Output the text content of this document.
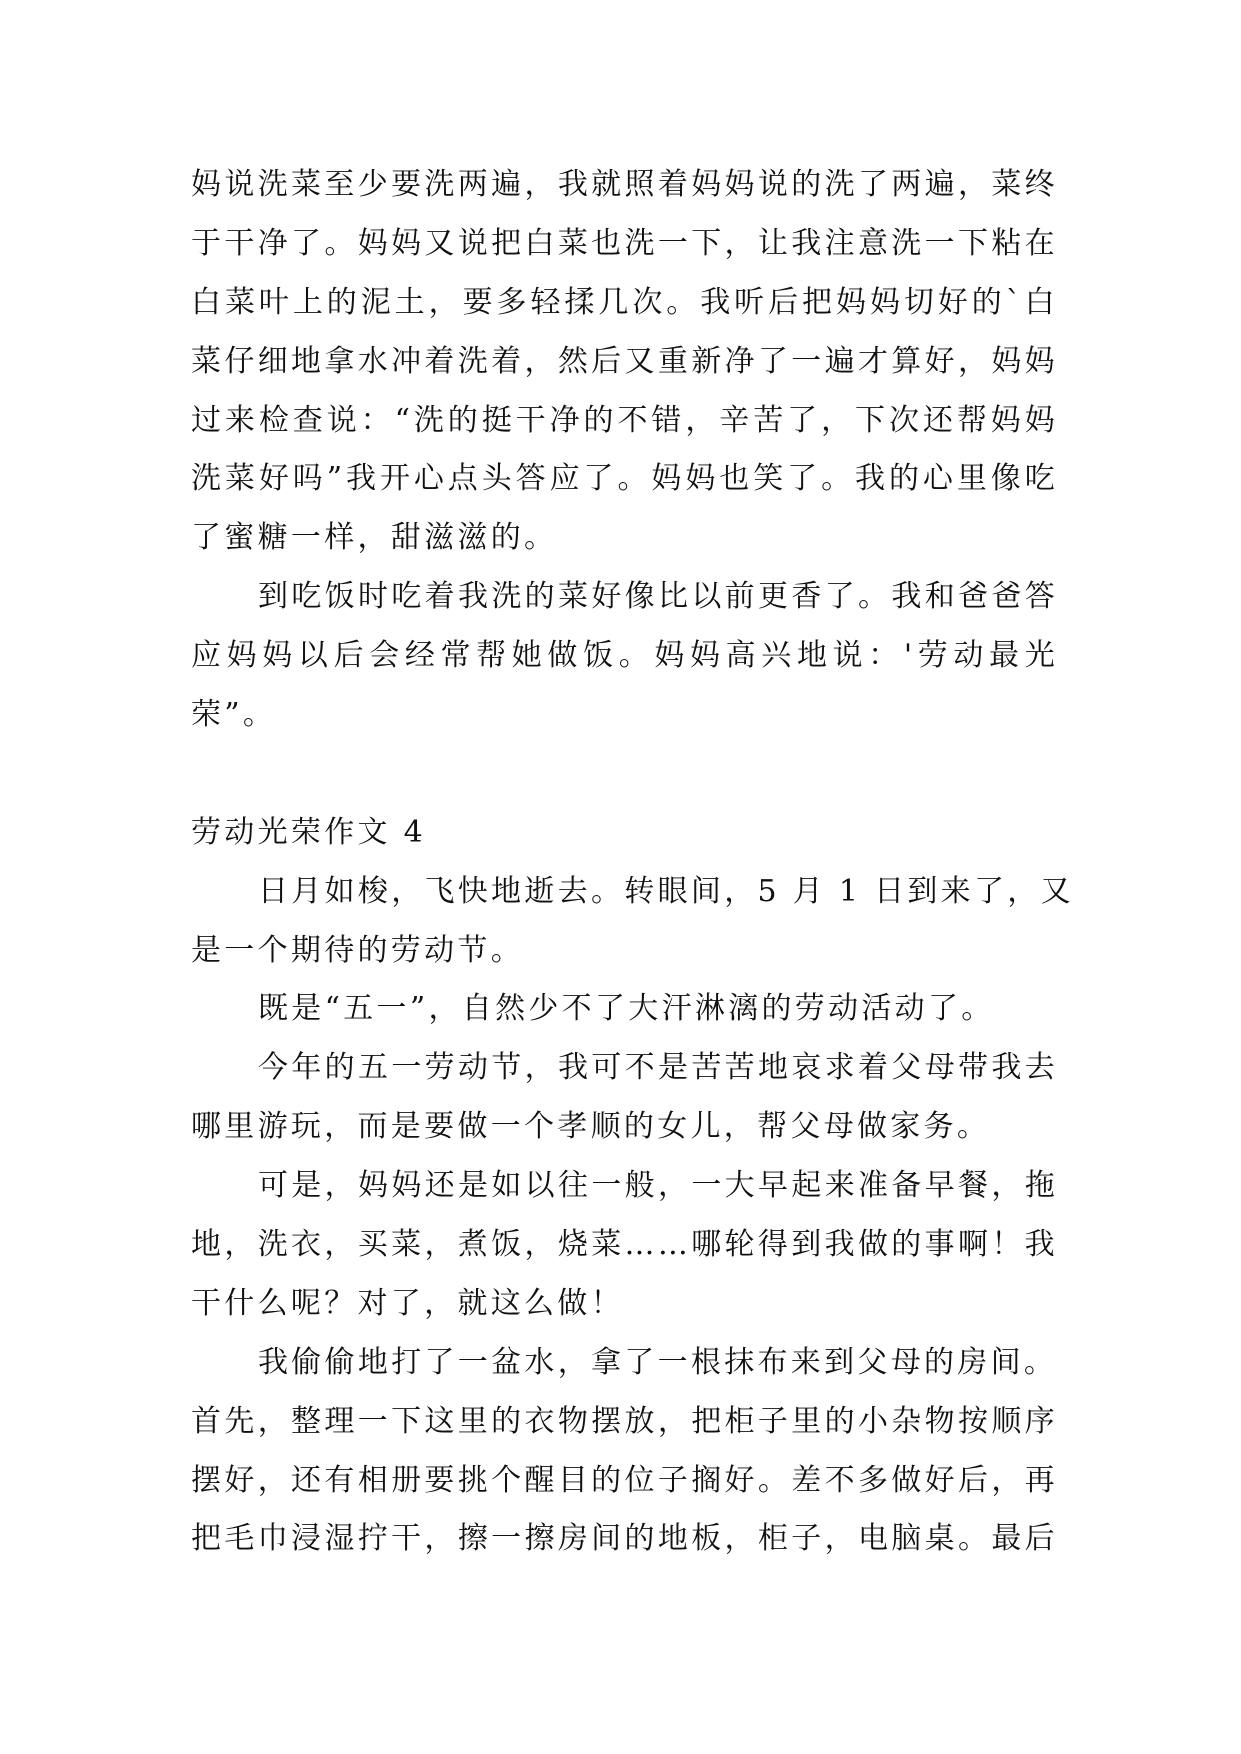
妈说洗菜至少要洗两遍，我就照着妈妈说的洗了两遍，菜终
于干净了。妈妈又说把白菜也洗一下，让我注意洗一下粘在
白菜叶上的泥土，要多轻揉几次。我听后把妈妈切好的`白
菜仔细地拿水冲着洗着，然后又重新净了一遍才算好，妈妈
过来检查说：“洗的挺干净的不错，辛苦了，下次还帮妈妈
洗菜好吗”我开心点头答应了。妈妈也笑了。我的心里像吃
了蜜糖一样，甜滋滋的。
到吃饭时吃着我洗的菜好像比以前更香了。我和爸爸答
应妈妈以后会经常帮她做饭。妈妈高兴地说：'劳动最光
荣”。
劳动光荣作文 4
日月如梭，飞快地逝去。转眼间，5 月 1 日到来了，又
是一个期待的劳动节。
既是“五一”，自然少不了大汗淋漓的劳动活动了。
今年的五一劳动节，我可不是苦苦地哀求着父母带我去
哪里游玩，而是要做一个孝顺的女儿，帮父母做家务。
可是，妈妈还是如以往一般，一大早起来准备早餐，拖
地，洗衣，买菜，煮饭，烧菜……哪轮得到我做的事啊！我
干什么呢？对了，就这么做！
我偷偷地打了一盆水，拿了一根抹布来到父母的房间。
首先，整理一下这里的衣物摆放，把柜子里的小杂物按顺序
摆好，还有相册要挑个醒目的位子搁好。差不多做好后，再
把毛巾浸湿拧干，擦一擦房间的地板，柜子，电脑桌。最后
